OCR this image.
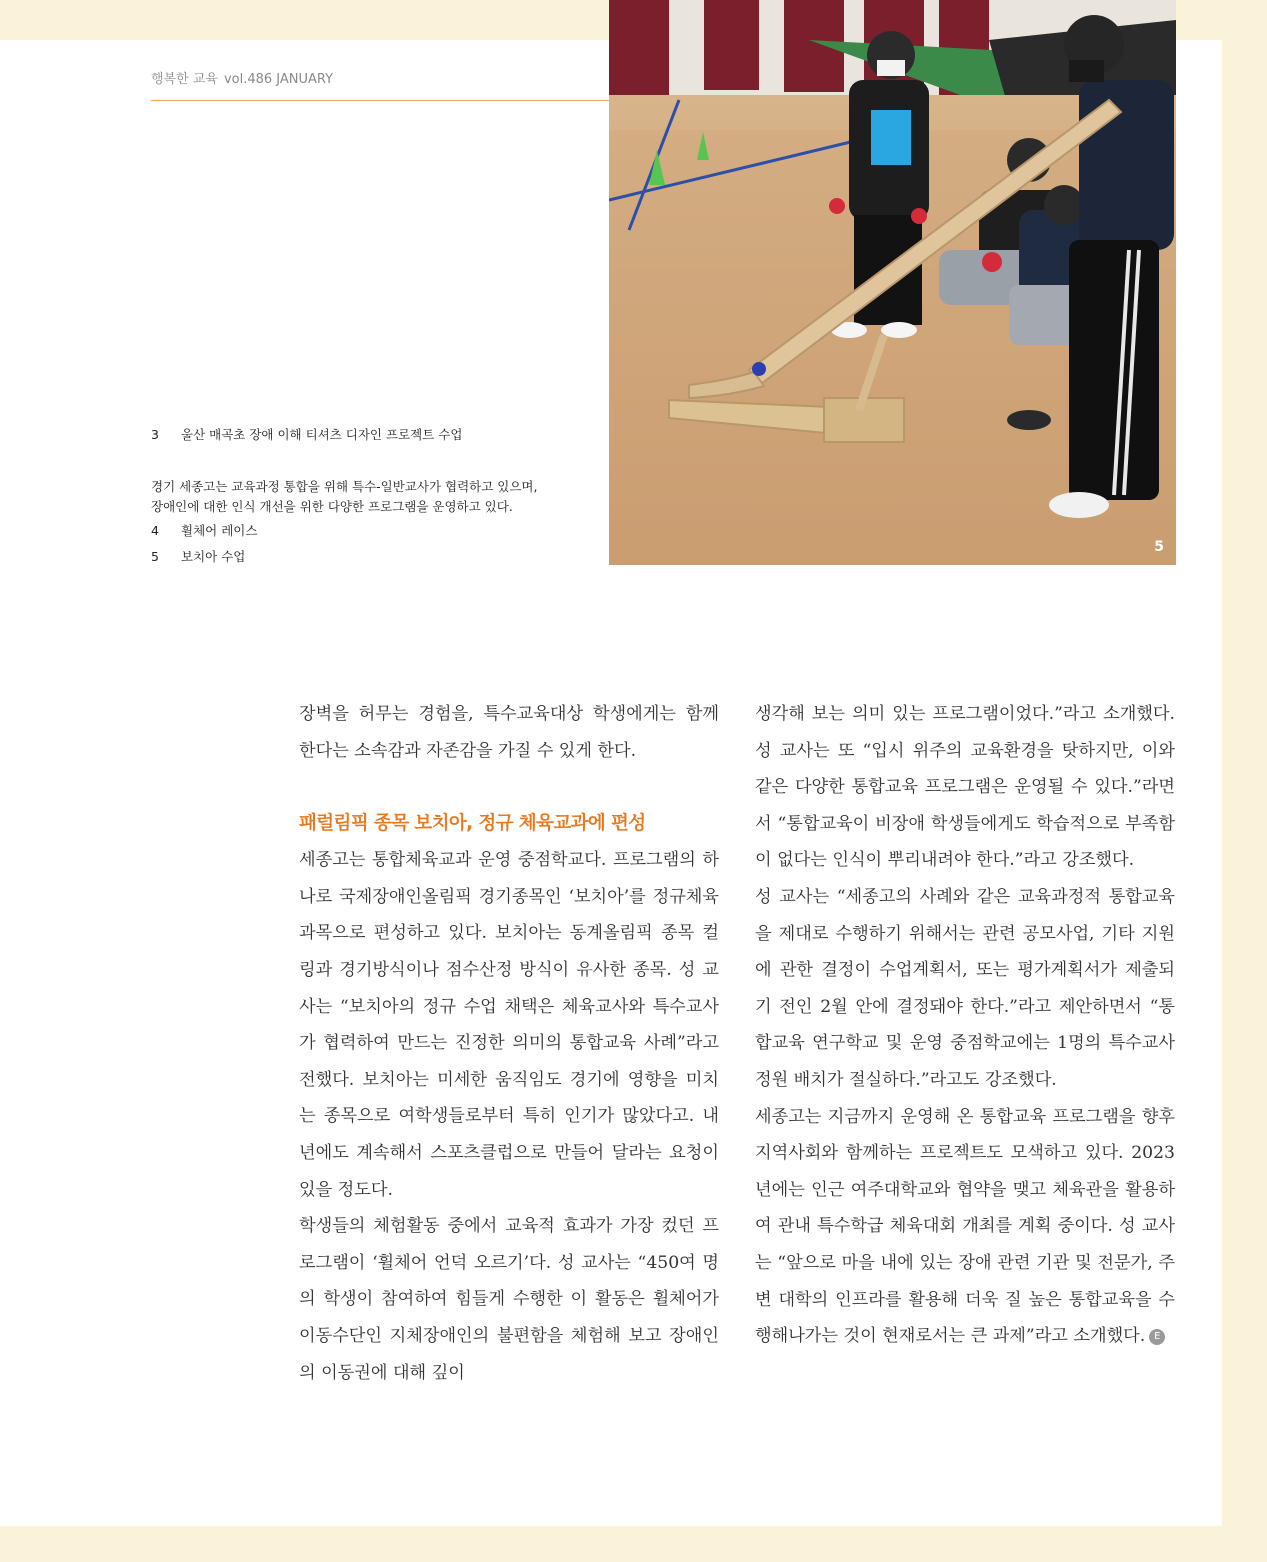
행복한 교육 vol.486 JANUARY
3 울산 매곡초 장애 이해 티셔츠 디자인 프로젝트 수업
경기 세종고는 교육과정 통합을 위해 특수-일반교사가 협력하고 있으며,
장애인에 대한 인식 개선을 위한 다양한 프로그램을 운영하고 있다.
4 휠체어 레이스
5 보치아 수업

장벽을 허무는 경험을, 특수교육대상 학생에게는 함께 한다는 소속감과 자존감을 가질 수 있게 한다.

패럴림픽 종목 보치아, 정규 체육교과에 편성

세종고는 통합체육교과 운영 중점학교다. 프로그램의 하나로 국제장애인올림픽 경기종목인 ‘보치아’를 정규체육 과목으로 편성하고 있다. 보치아는 동계올림픽 종목 컬링과 경기방식이나 점수산정 방식이 유사한 종목. 성 교사는 “보치아의 정규 수업 채택은 체육교사와 특수교사가 협력하여 만드는 진정한 의미의 통합교육 사례”라고 전했다. 보치아는 미세한 움직임도 경기에 영향을 미치는 종목으로 여학생들로부터 특히 인기가 많았다고. 내년에도 계속해서 스포츠클럽으로 만들어 달라는 요청이 있을 정도다.

학생들의 체험활동 중에서 교육적 효과가 가장 컸던 프로그램이 ‘휠체어 언덕 오르기’다. 성 교사는 “450여 명의 학생이 참여하여 힘들게 수행한 이 활동은 휠체어가 이동수단인 지체장애인의 불편함을 체험해 보고 장애인의 이동권에 대해 깊이

생각해 보는 의미 있는 프로그램이었다.”라고 소개했다. 성 교사는 또 “입시 위주의 교육환경을 탓하지만, 이와 같은 다양한 통합교육 프로그램은 운영될 수 있다.”라면서 “통합교육이 비장애 학생들에게도 학습적으로 부족함이 없다는 인식이 뿌리내려야 한다.”라고 강조했다.

성 교사는 “세종고의 사례와 같은 교육과정적 통합교육을 제대로 수행하기 위해서는 관련 공모사업, 기타 지원에 관한 결정이 수업계획서, 또는 평가계획서가 제출되기 전인 2월 안에 결정돼야 한다.”라고 제안하면서 “통합교육 연구학교 및 운영 중점학교에는 1명의 특수교사 정원 배치가 절실하다.”라고도 강조했다.

세종고는 지금까지 운영해 온 통합교육 프로그램을 향후 지역사회와 함께하는 프로젝트도 모색하고 있다. 2023년에는 인근 여주대학교와 협약을 맺고 체육관을 활용하여 관내 특수학급 체육대회 개최를 계획 중이다. 성 교사는 “앞으로 마을 내에 있는 장애 관련 기관 및 전문가, 주변 대학의 인프라를 활용해 더욱 질 높은 통합교육을 수행해나가는 것이 현재로서는 큰 과제”라고 소개했다. E

5
